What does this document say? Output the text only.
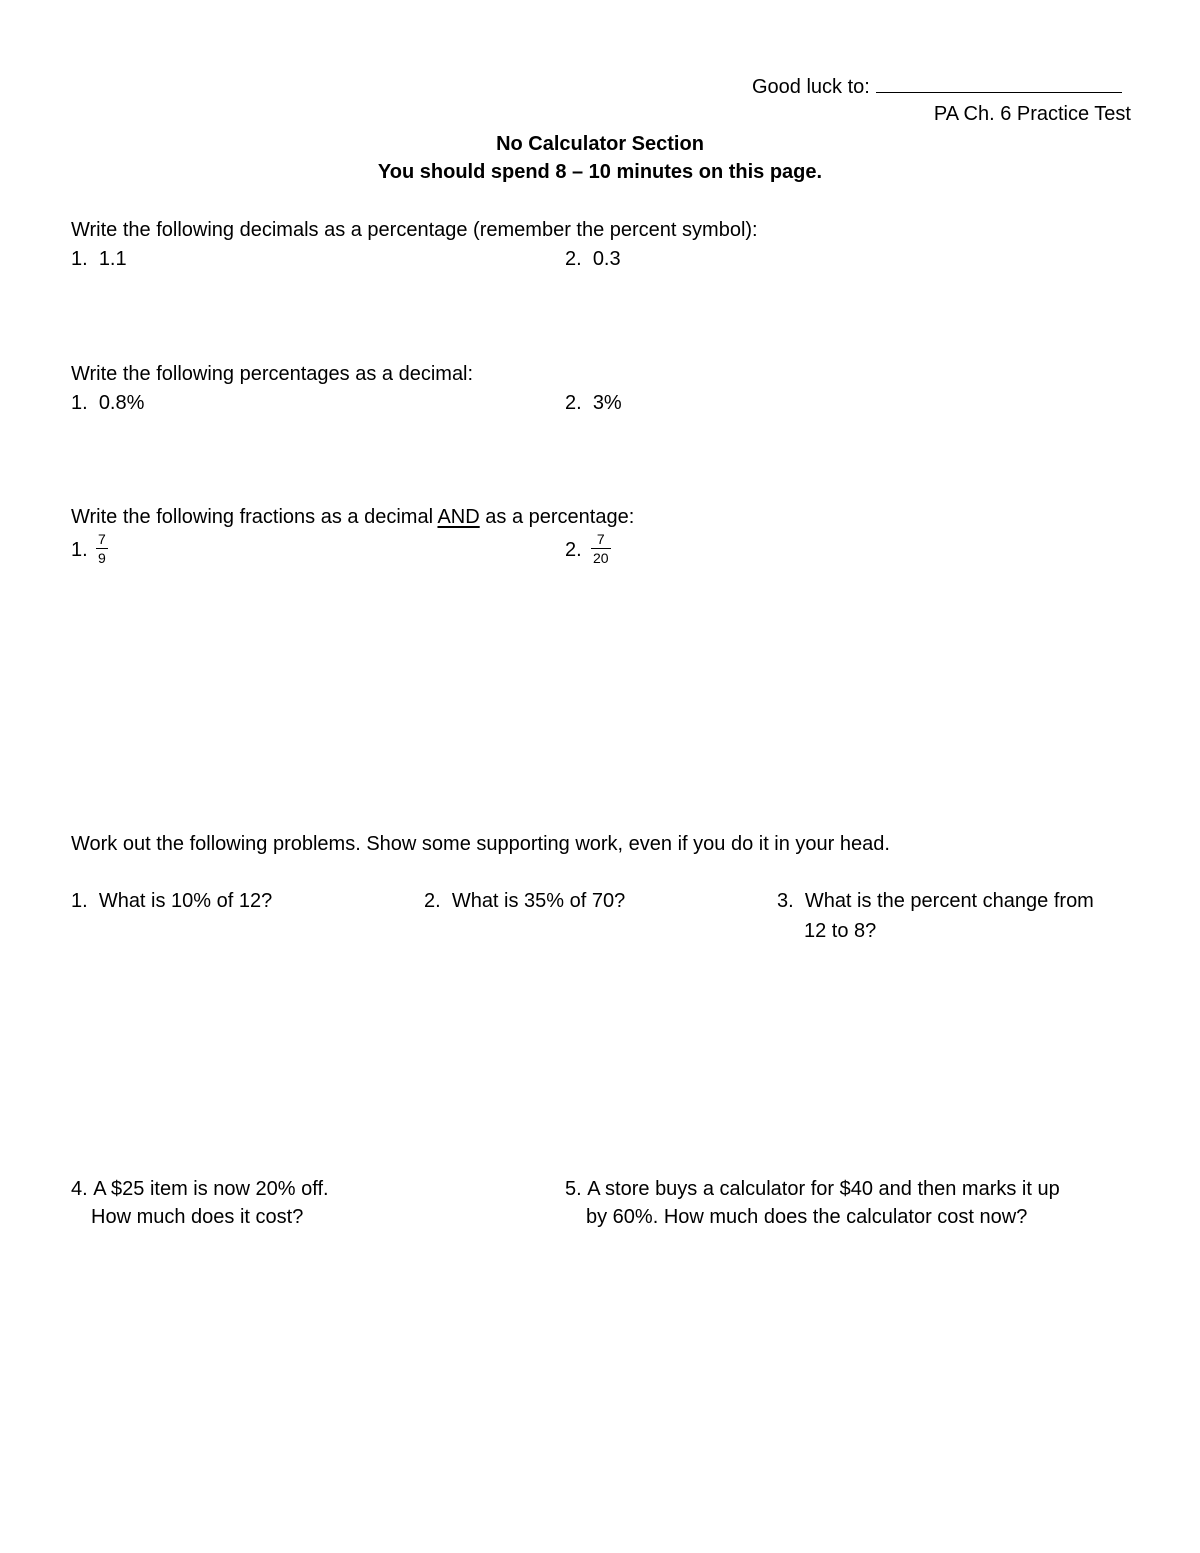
Good luck to:
PA Ch. 6 Practice Test
No Calculator Section
You should spend 8 – 10 minutes on this page.
Write the following decimals as a percentage (remember the percent symbol):
1. 1.1	2. 0.3
Write the following percentages as a decimal:
1. 0.8%	2. 3%
Write the following fractions as a decimal AND as a percentage:
1. 7
9	2. 7
20
Work out the following problems. Show some supporting work, even if you do it in your head.
1. What is 10% of 12?	2. What is 35% of 70?	3. What is the percent change from
12 to 8?
4. A $25 item is now 20% off.
How much does it cost?
5. A store buys a calculator for $40 and then marks it up
by 60%. How much does the calculator cost now?
